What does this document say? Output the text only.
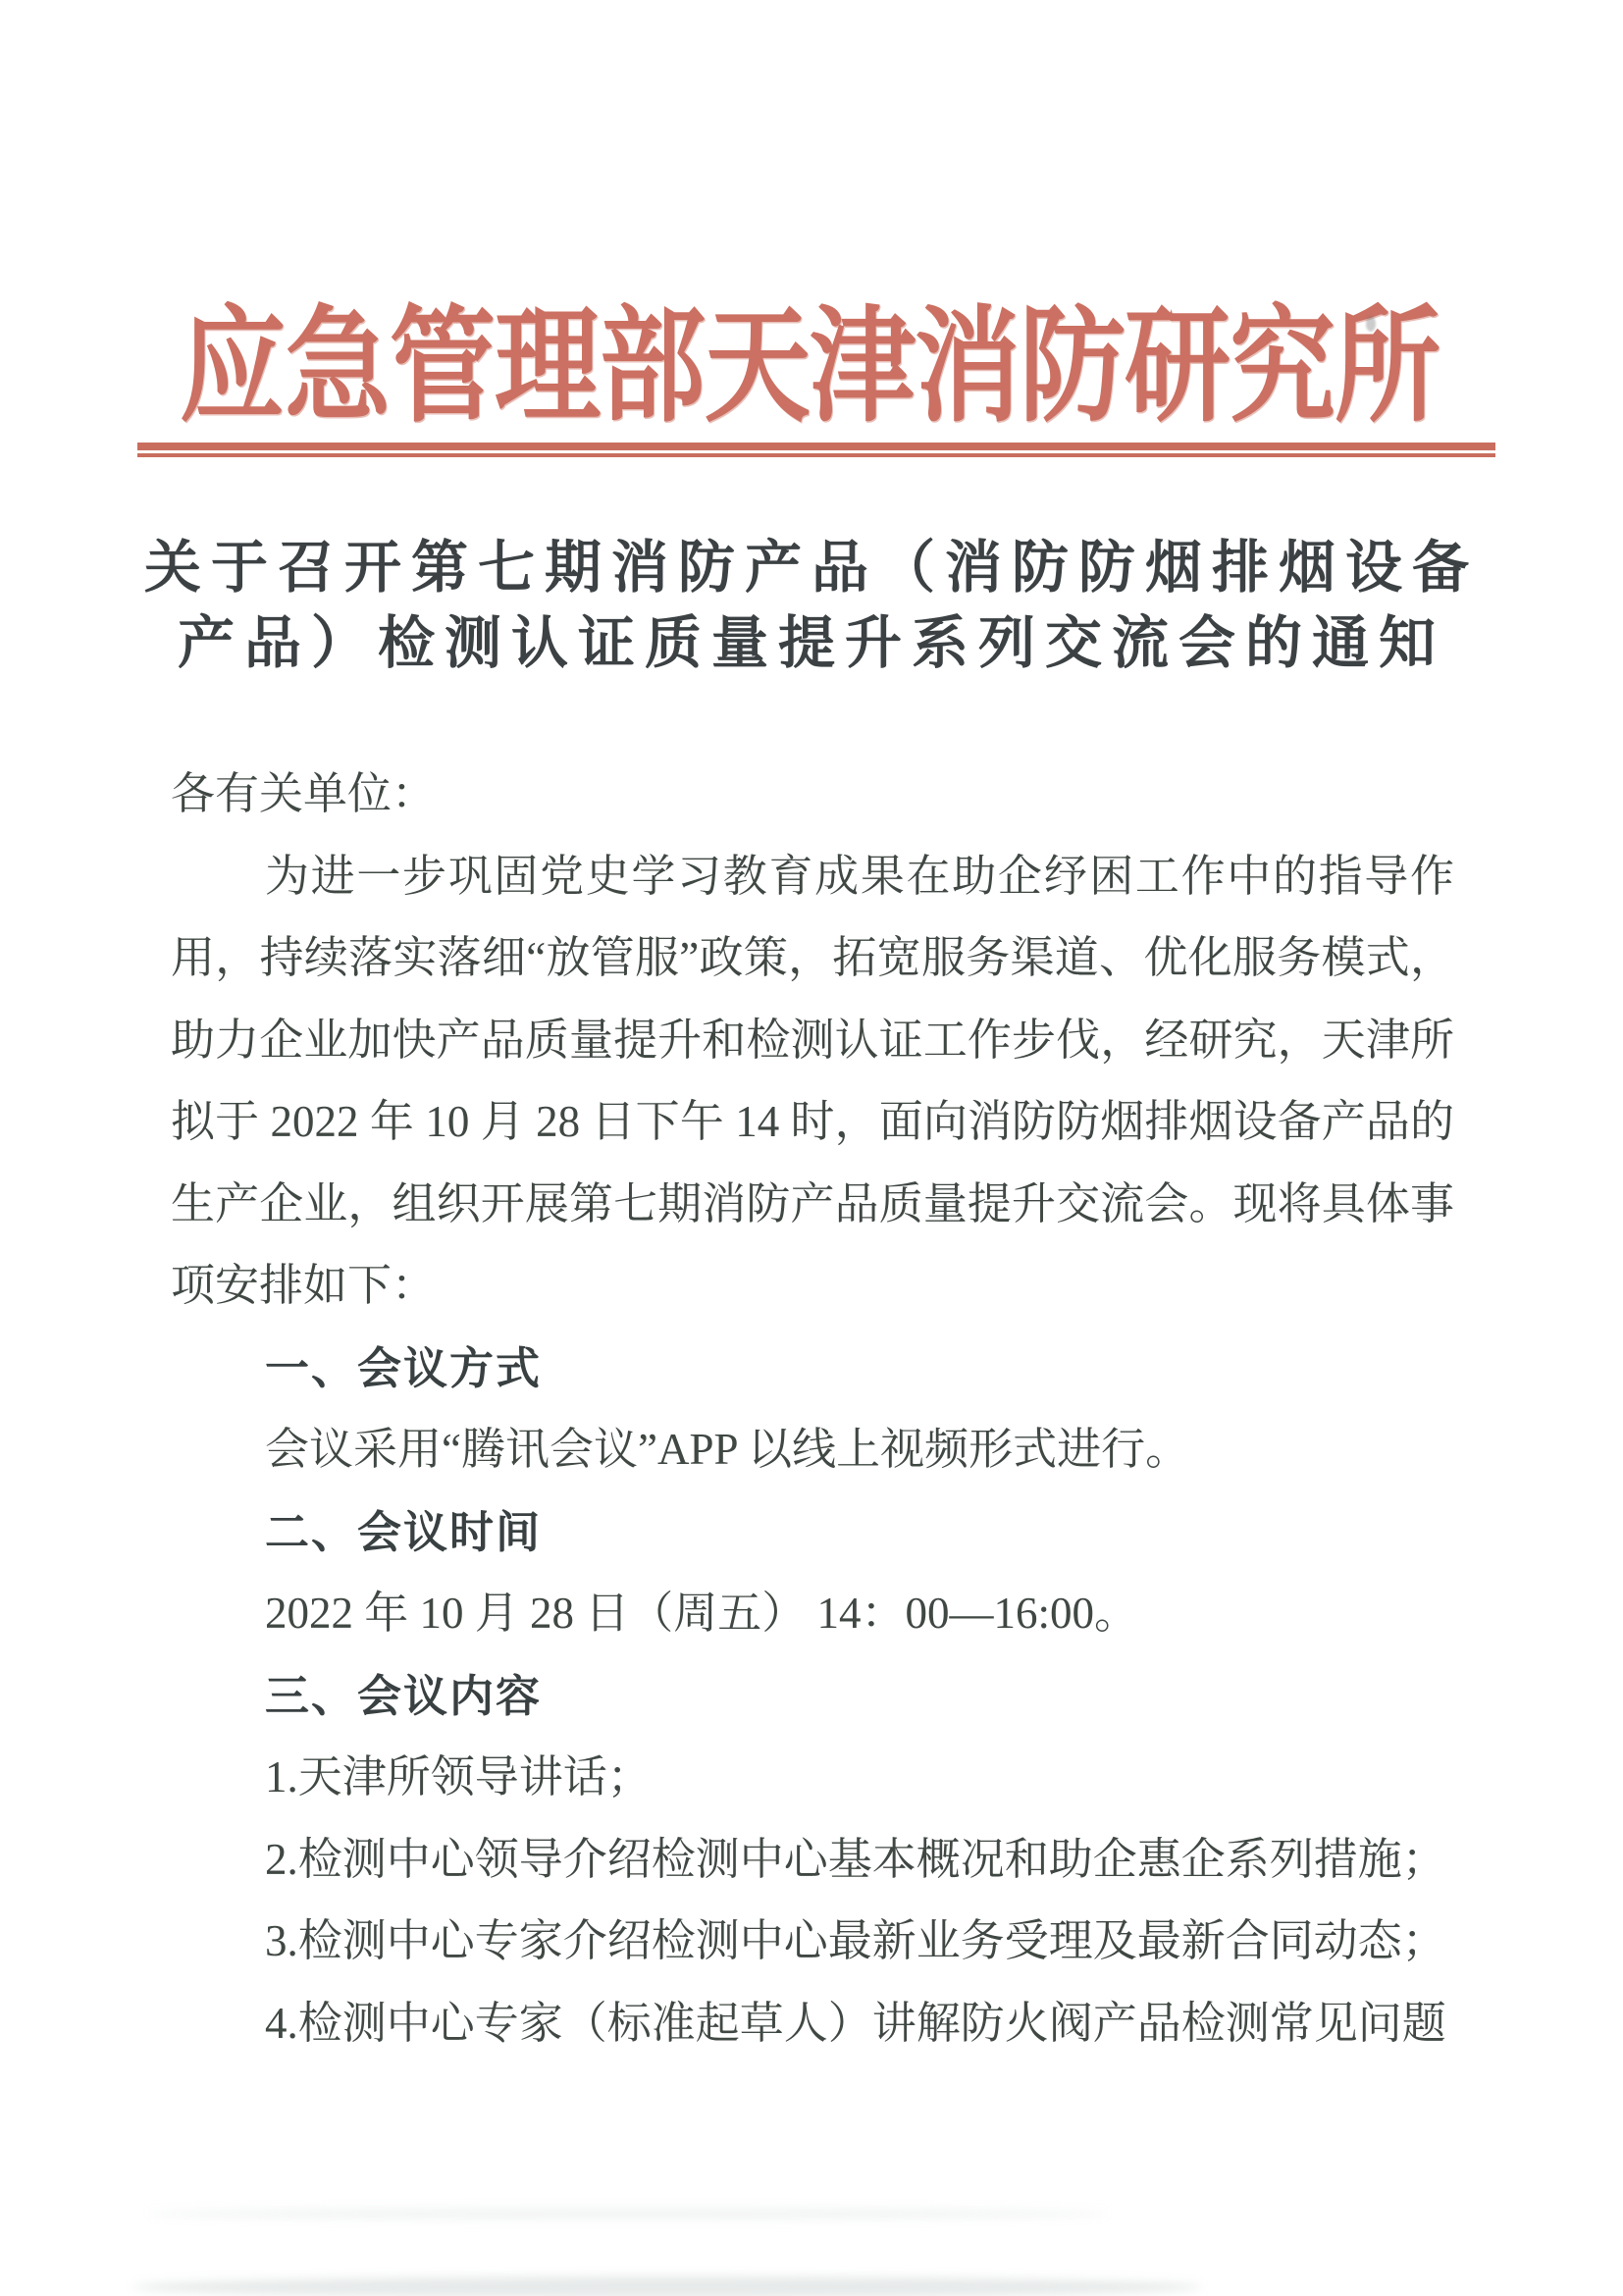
应急管理部天津消防研究所
关于召开第七期消防产品（消防防烟排烟设备
产品）检测认证质量提升系列交流会的通知
各有关单位：
为进一步巩固党史学习教育成果在助企纾困工作中的指导作
用，持续落实落细“放管服”政策，拓宽服务渠道、优化服务模式，
助力企业加快产品质量提升和检测认证工作步伐，经研究，天津所
拟于 2022 年 10 月 28 日下午 14 时，面向消防防烟排烟设备产品的
生产企业，组织开展第七期消防产品质量提升交流会。现将具体事
项安排如下：
一、会议方式
会议采用“腾讯会议”APP 以线上视频形式进行。
二、会议时间
2022 年 10 月 28 日（周五） 14：00—16:00。
三、会议内容
1.天津所领导讲话；
2.检测中心领导介绍检测中心基本概况和助企惠企系列措施；
3.检测中心专家介绍检测中心最新业务受理及最新合同动态；
4.检测中心专家（标准起草人）讲解防火阀产品检测常见问题
